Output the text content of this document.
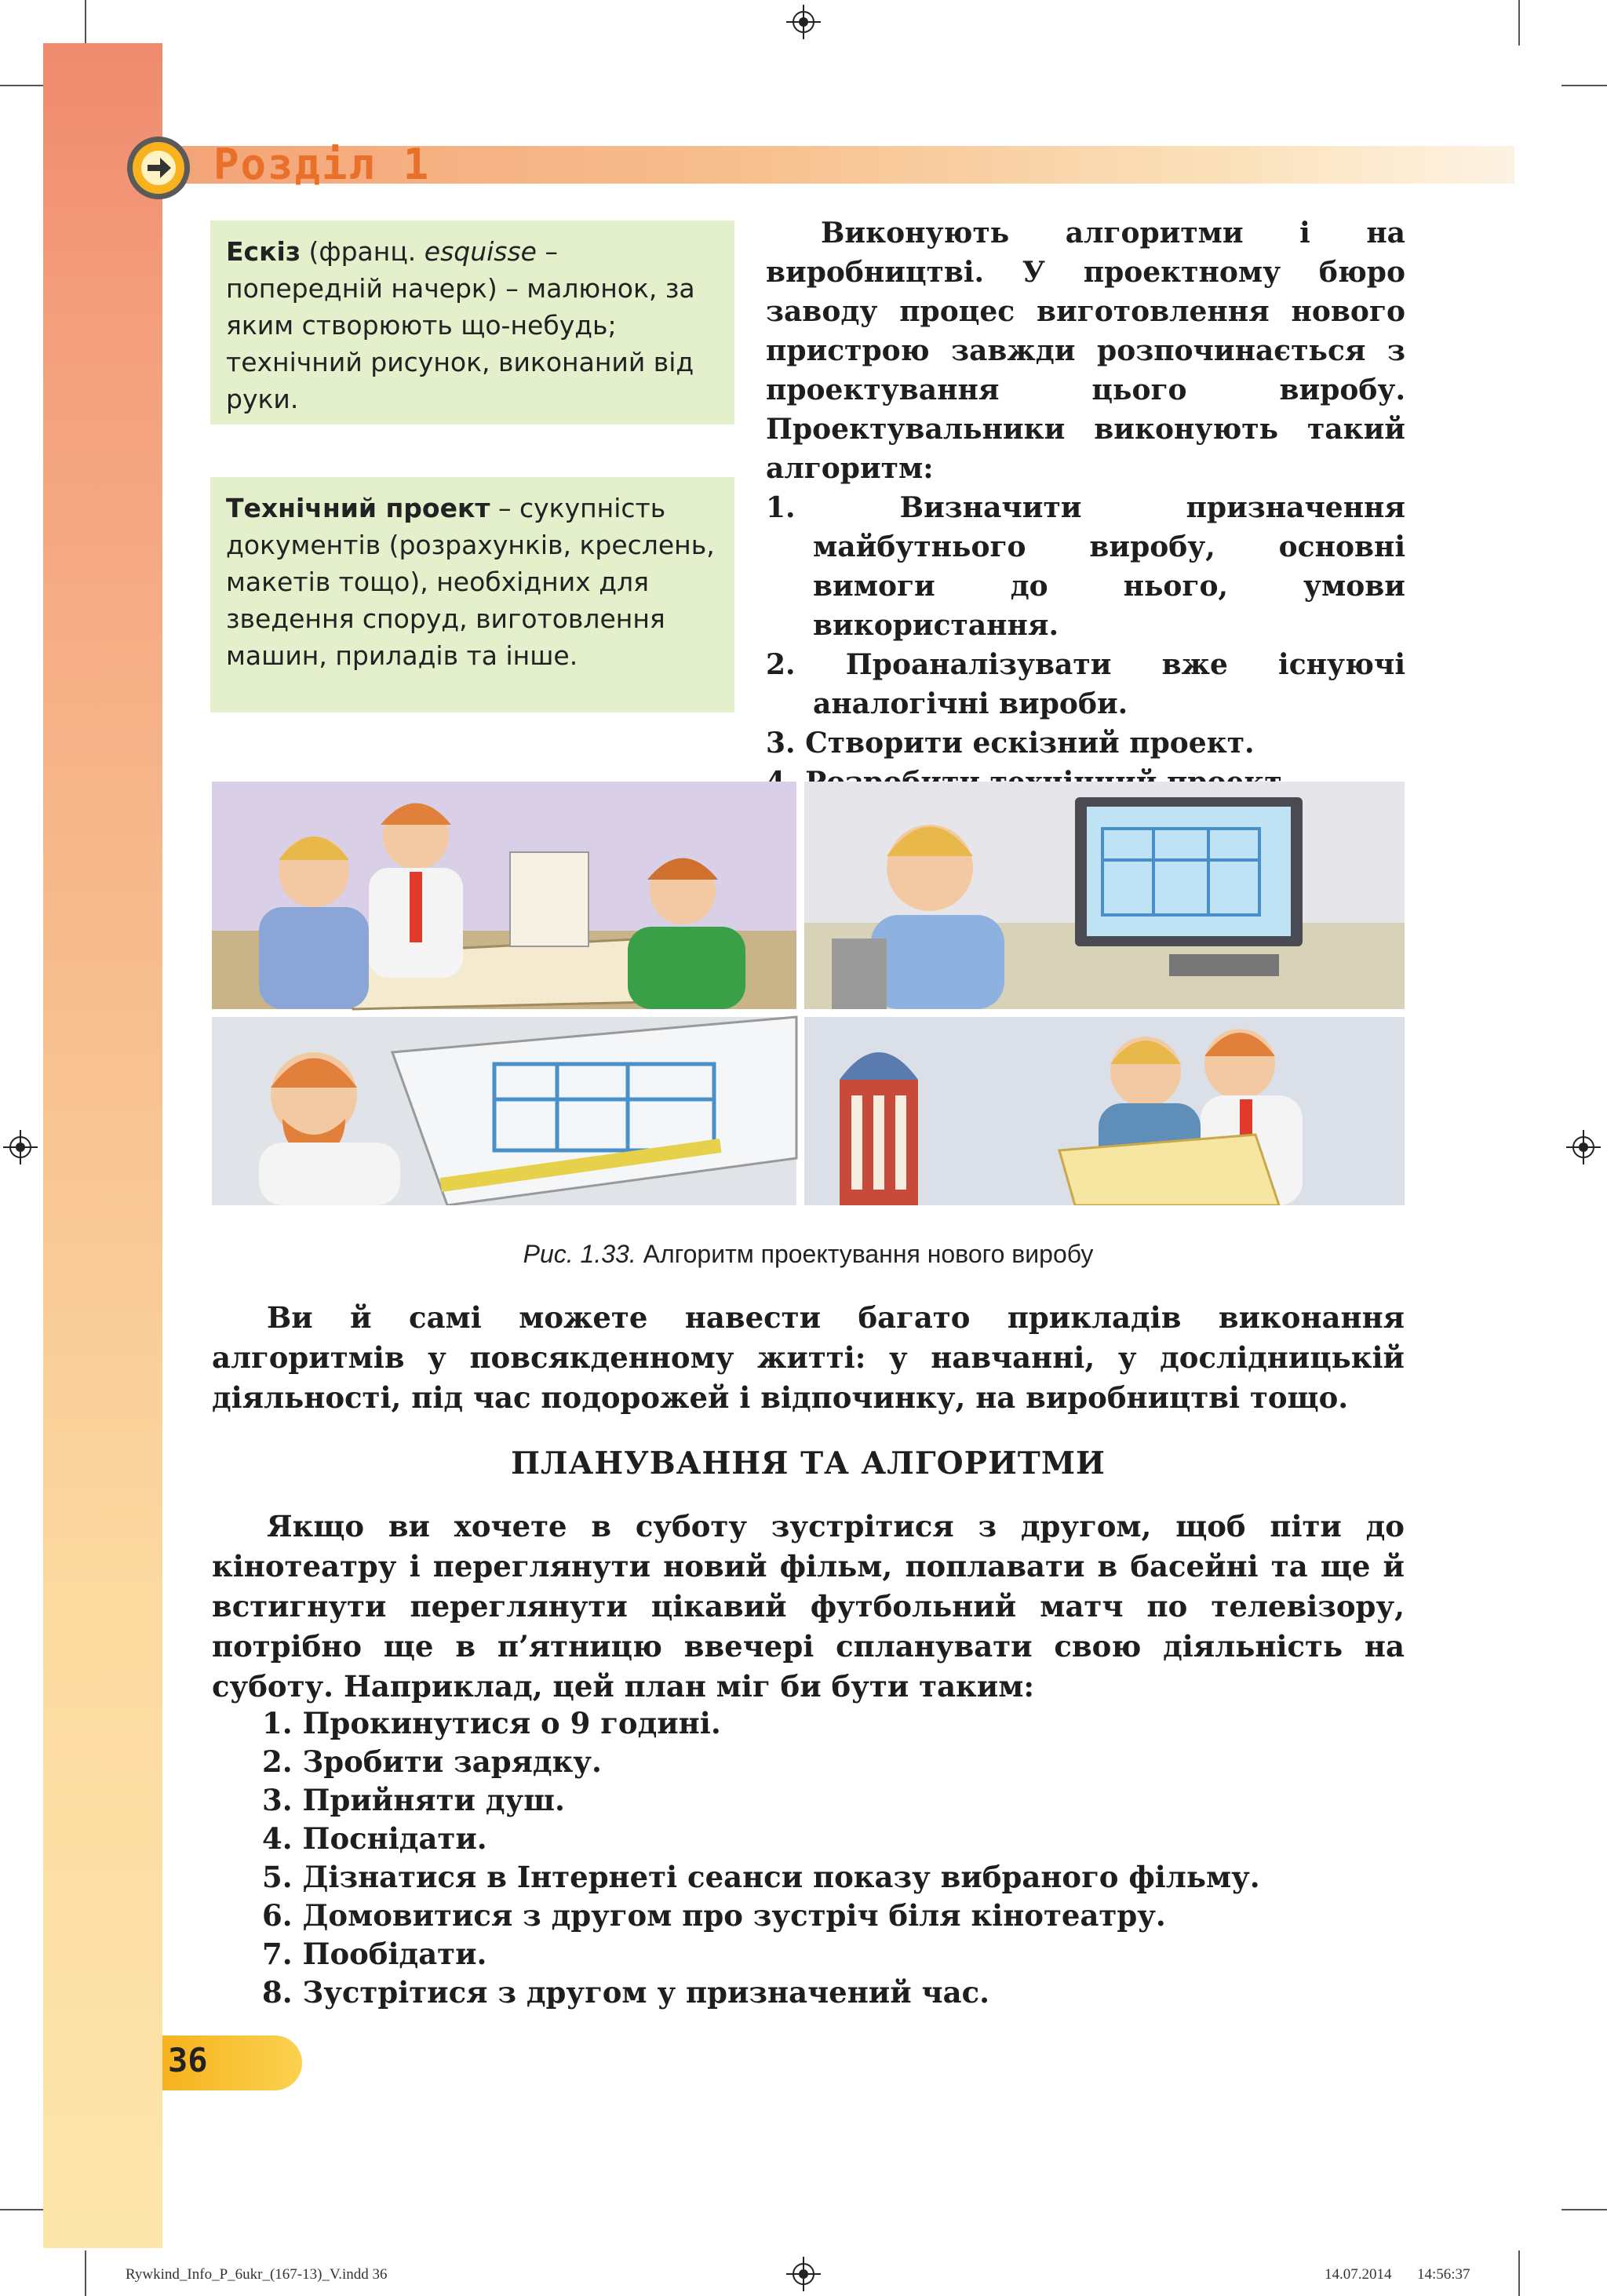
Розділ 1
Ескіз (франц. esquisse – попередній начерк) – малюнок, за яким створюють що-небудь; технічний рисунок, виконаний від руки.
Технічний проект – сукупність документів (розрахунків, креслень, макетів тощо), необхідних для зведення споруд, виготовлення машин, приладів та інше.

Виконують алгоритми і на виробництві. У проектному бюро заводу процес виготовлення нового пристрою завжди розпочинається з проектування цього виробу. Проектувальники виконують такий алгоритм:

1. Визначити призначення майбутнього виробу, основні вимоги до нього, умови використання.
2. Проаналізувати вже існуючі аналогічні вироби.
3. Створити ескізний проект.
Рис. 1.33. Алгоритм проектування нового виробу

Ви й самі можете навести багато прикладів виконання алгоритмів у повсякденному житті: у навчанні, у дослідницькій діяльності, під час подорожей і відпочинку, на виробництві тощо.

ПЛАНУВАННЯ ТА АЛГОРИТМИ

Якщо ви хочете в суботу зустрітися з другом, щоб піти до кінотеатру і переглянути новий фільм, поплавати в басейні та ще й встигнути переглянути цікавий футбольний матч по телевізору, потрібно ще в п’ятницю ввечері спланувати свою діяльність на суботу. Наприклад, цей план міг би бути таким:

1. Прокинутися о 9 годині.
2. Зробити зарядку.
3. Прийняти душ.
4. Поснідати.
5. Дізнатися в Інтернеті сеанси показу вибраного фільму.
6. Домовитися з другом про зустріч біля кінотеатру.
7. Пообідати.
8. Зустрітися з другом у призначений час.
36
Rywkind_Info_P_6ukr_(167-13)_V.indd 36	14.07.2014 14:56:37
